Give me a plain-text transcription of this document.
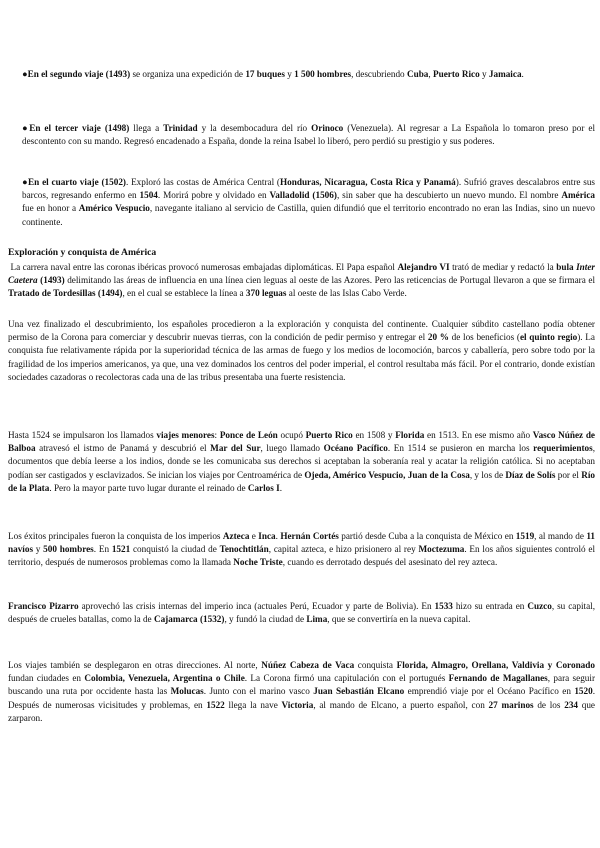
●En el segundo viaje (1493) se organiza una expedición de 17 buques y 1 500 hombres, descubriendo Cuba, Puerto Rico y Jamaica.

●En el tercer viaje (1498) llega a Trinidad y la desembocadura del río Orinoco (Venezuela). Al regresar a La Española lo tomaron preso por el descontento con su mando. Regresó encadenado a España, donde la reina Isabel lo liberó, pero perdió su prestigio y sus poderes.

●En el cuarto viaje (1502). Exploró las costas de América Central (Honduras, Nicaragua, Costa Rica y Panamá). Sufrió graves descalabros entre sus barcos, regresando enfermo en 1504. Morirá pobre y olvidado en Valladolid (1506), sin saber que ha descubierto un nuevo mundo. El nombre América fue en honor a Américo Vespucio, navegante italiano al servicio de Castilla, quien difundió que el territorio encontrado no eran las Indias, sino un nuevo continente.

Exploración y conquista de América

La carrera naval entre las coronas ibéricas provocó numerosas embajadas diplomáticas. El Papa español Alejandro VI trató de mediar y redactó la bula Inter Caetera (1493) delimitando las áreas de influencia en una línea cien leguas al oeste de las Azores. Pero las reticencias de Portugal llevaron a que se firmara el Tratado de Tordesillas (1494), en el cual se establece la línea a 370 leguas al oeste de las Islas Cabo Verde.

Una vez finalizado el descubrimiento, los españoles procedieron a la exploración y conquista del continente. Cualquier súbdito castellano podía obtener permiso de la Corona para comerciar y descubrir nuevas tierras, con la condición de pedir permiso y entregar el 20 % de los beneficios (el quinto regio). La conquista fue relativamente rápida por la superioridad técnica de las armas de fuego y los medios de locomoción, barcos y caballería, pero sobre todo por la fragilidad de los imperios americanos, ya que, una vez dominados los centros del poder imperial, el control resultaba más fácil. Por el contrario, donde existían sociedades cazadoras o recolectoras cada una de las tribus presentaba una fuerte resistencia.

Hasta 1524 se impulsaron los llamados viajes menores: Ponce de León ocupó Puerto Rico en 1508 y Florida en 1513. En ese mismo año Vasco Núñez de Balboa atravesó el istmo de Panamá y descubrió el Mar del Sur, luego llamado Océano Pacífico. En 1514 se pusieron en marcha los requerimientos, documentos que debía leerse a los indios, donde se les comunicaba sus derechos si aceptaban la soberanía real y acatar la religión católica. Si no aceptaban podían ser castigados y esclavizados. Se inician los viajes por Centroamérica de Ojeda, Américo Vespucio, Juan de la Cosa, y los de Díaz de Solís por el Río de la Plata. Pero la mayor parte tuvo lugar durante el reinado de Carlos I.

Los éxitos principales fueron la conquista de los imperios Azteca e Inca. Hernán Cortés partió desde Cuba a la conquista de México en 1519, al mando de 11 navíos y 500 hombres. En 1521 conquistó la ciudad de Tenochtitlán, capital azteca, e hizo prisionero al rey Moctezuma. En los años siguientes controló el territorio, después de numerosos problemas como la llamada Noche Triste, cuando es derrotado después del asesinato del rey azteca.

Francisco Pizarro aprovechó las crisis internas del imperio inca (actuales Perú, Ecuador y parte de Bolivia). En 1533 hizo su entrada en Cuzco, su capital, después de crueles batallas, como la de Cajamarca (1532), y fundó la ciudad de Lima, que se convertiría en la nueva capital.

Los viajes también se desplegaron en otras direcciones. Al norte, Núñez Cabeza de Vaca conquista Florida, Almagro, Orellana, Valdivia y Coronado fundan ciudades en Colombia, Venezuela, Argentina o Chile. La Corona firmó una capitulación con el portugués Fernando de Magallanes, para seguir buscando una ruta por occidente hasta las Molucas. Junto con el marino vasco Juan Sebastián Elcano emprendió viaje por el Océano Pacífico en 1520. Después de numerosas vicisitudes y problemas, en 1522 llega la nave Victoria, al mando de Elcano, a puerto español, con 27 marinos de los 234 que zarparon.
